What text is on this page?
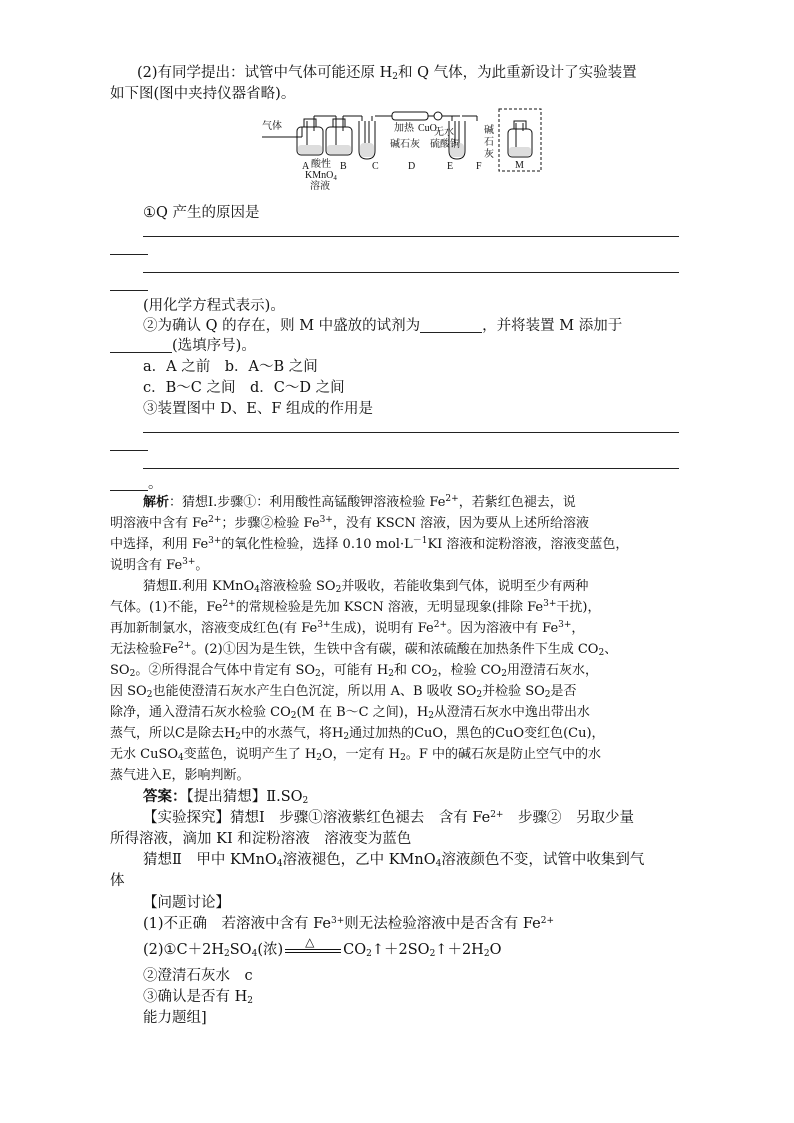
(2)有同学提出：试管中气体可能还原 $H_2$和 Q 气体，为此重新设计了实验装置
如下图(图中夹持仪器省略)。
气体
酸性
KMnO$_4$
溶液
加热 CuO
碱石灰
无水
硫酸铜
碱
石
灰
A	B	C	D	E F	M
①Q 产生的原因是
(用化学方程式表示)。
②为确认 Q 的存在，则 M 中盛放的试剂为	，并将装置 M 添加于
(选填序号)。
a．A 之前　b．A～B 之间
c．B～C 之间　d．C～D 之间
③装置图中 D、E、F 组成的作用是
。
解析：猜想Ⅰ.步骤①：利用酸性高锰酸钾溶液检验 $Fe^{2+}$，若紫红色褪去，说
明溶液中含有 $Fe^{2+}$；步骤②检验 $Fe^{3+}$，没有 KSCN 溶液，因为要从上述所给溶液
中选择，利用 $Fe^{3+}$的氧化性检验，选择 0.10 $mol\cdot L^{-1}KI$ 溶液和淀粉溶液，溶液变蓝色，
说明含有 $Fe^{3+}$。
猜想Ⅱ.利用 KMnO$_4$溶液检验 $SO_2$并吸收，若能收集到气体，说明至少有两种
气体。(1)不能，$Fe^{2+}$的常规检验是先加 KSCN 溶液，无明显现象(排除 $Fe^{3+}$干扰)，
再加新制氯水，溶液变成红色(有 $Fe^{3+}$生成)，说明有 $Fe^{2+}$。因为溶液中有 $Fe^{3+}$，
无法检验$Fe^{2+}$。(2)①因为是生铁，生铁中含有碳，碳和浓硫酸在加热条件下生成 $CO_2$、
$SO_2$。②所得混合气体中肯定有 $SO_2$，可能有 $H_2$和 $CO_2$，检验 $CO_2$用澄清石灰水，
因 $SO_2$也能使澄清石灰水产生白色沉淀，所以用 A、B 吸收 $SO_2$并检验 $SO_2$是否
除净，通入澄清石灰水检验 $CO_2(M$ 在 B～C 之间)，$H_2$从澄清石灰水中逸出带出水
蒸气，所以C是除去$H_2$中的水蒸气，将$H_2$通过加热的CuO，黑色的CuO变红色(Cu)，
无水 CuSO$_4$变蓝色，说明产生了 $H_2O$，一定有 $H_2$。F 中的碱石灰是防止空气中的水
蒸气进入E，影响判断。
答案：【提出猜想】$Ⅱ.SO_2$
【实验探究】猜想Ⅰ　步骤①溶液紫红色褪去　含有 $Fe^{2+}$　步骤②　另取少量
所得溶液，滴加 KI 和淀粉溶液　溶液变为蓝色
猜想Ⅱ　甲中 KMnO$_4$溶液褪色，乙中 KMnO$_4$溶液颜色不变，试管中收集到气
体
【问题讨论】
(1)不正确　若溶液中含有 $Fe^{3+}$则无法检验溶液中是否含有 $Fe^{2+}$
$(2)①C+2H_2SO_4$(浓) △ $CO_2↑+2SO_2↑+2H_2O$
②澄清石灰水　c
③确认是否有 $H_2$
能力题组]
